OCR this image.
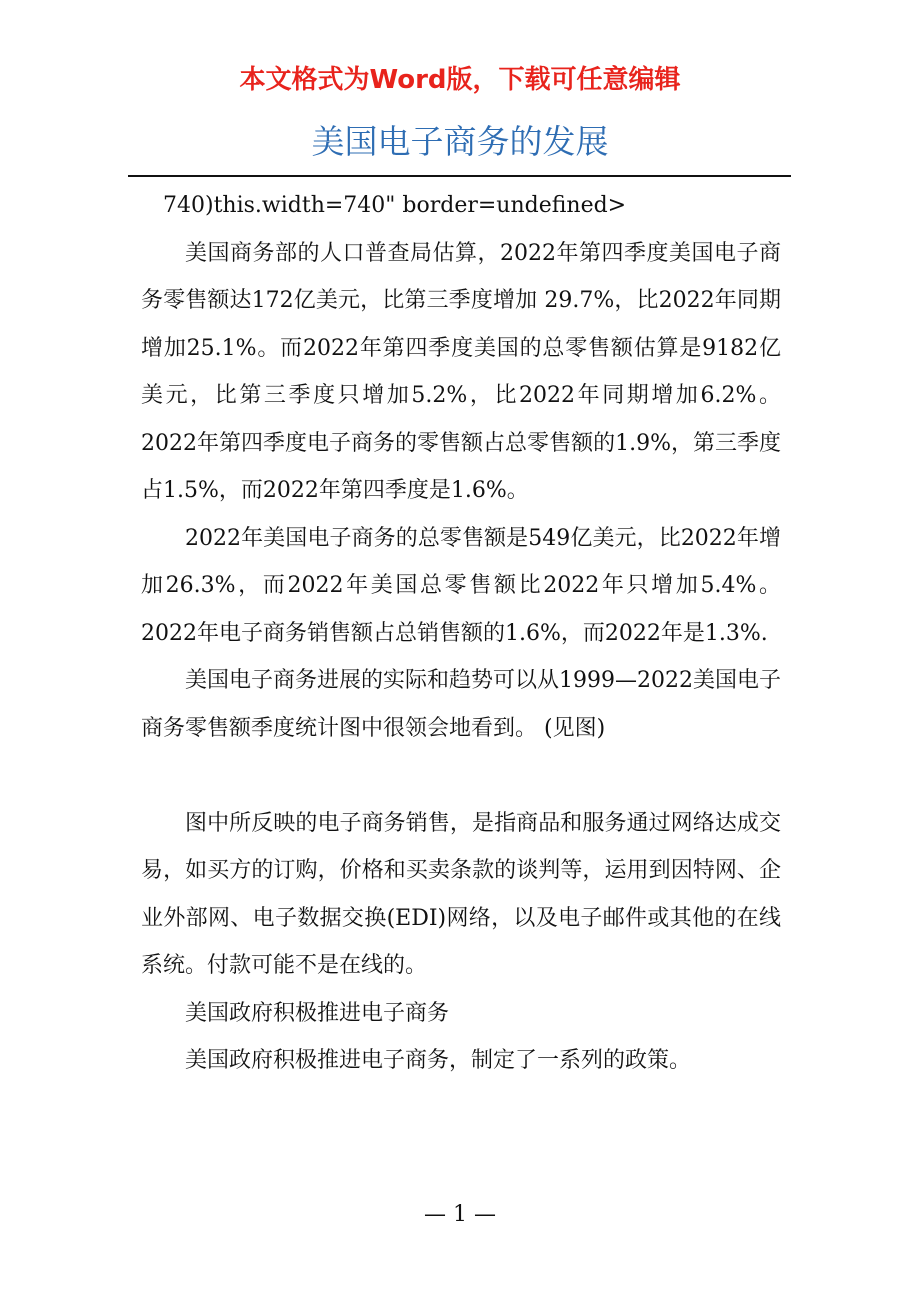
本文格式为Word版，下载可任意编辑
美国电子商务的发展

740)this.width=740" border=undefined>

美国商务部的人口普查局估算，2022年第四季度美国电子商务零售额达172亿美元，比第三季度增加 29.7%，比2022年同期增加25.1%。而2022年第四季度美国的总零售额估算是9182亿美元，比第三季度只增加5.2%，比2022年同期增加6.2%。2022年第四季度电子商务的零售额占总零售额的1.9%，第三季度占1.5%，而2022年第四季度是1.6%。

2022年美国电子商务的总零售额是549亿美元，比2022年增加26.3%，而2022年美国总零售额比2022年只增加5.4%。2022年电子商务销售额占总销售额的1.6%，而2022年是1.3%.

美国电子商务进展的实际和趋势可以从1999—2022美国电子商务零售额季度统计图中很领会地看到。 (见图)

图中所反映的电子商务销售，是指商品和服务通过网络达成交易，如买方的订购，价格和买卖条款的谈判等，运用到因特网、企业外部网、电子数据交换(EDI)网络，以及电子邮件或其他的在线系统。付款可能不是在线的。

美国政府积极推进电子商务

美国政府积极推进电子商务，制定了一系列的政策。

— 1 —
